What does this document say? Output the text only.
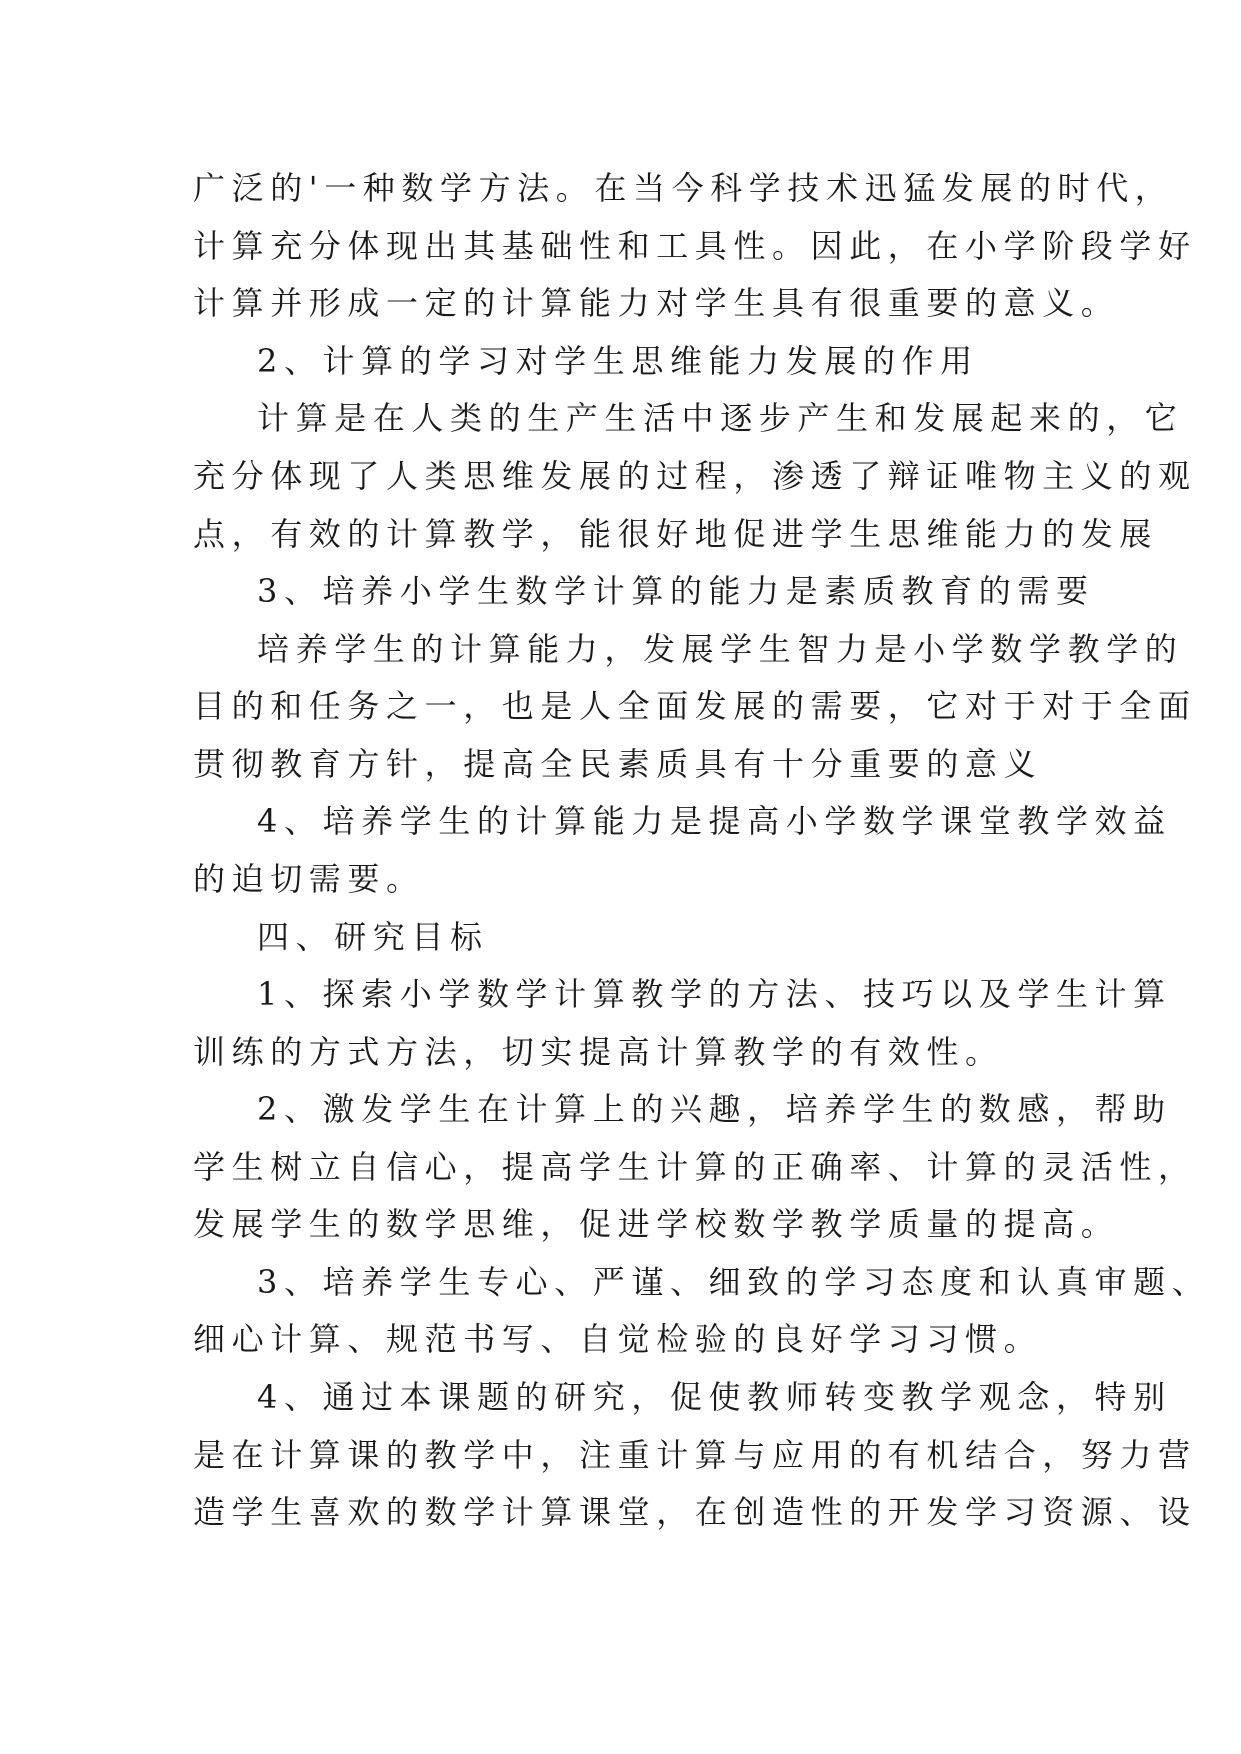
广泛的'一种数学方法。在当今科学技术迅猛发展的时代，
计算充分体现出其基础性和工具性。因此，在小学阶段学好
计算并形成一定的计算能力对学生具有很重要的意义。
2、计算的学习对学生思维能力发展的作用
计算是在人类的生产生活中逐步产生和发展起来的，它
充分体现了人类思维发展的过程，渗透了辩证唯物主义的观
点，有效的计算教学，能很好地促进学生思维能力的发展
3、培养小学生数学计算的能力是素质教育的需要
培养学生的计算能力，发展学生智力是小学数学教学的
目的和任务之一，也是人全面发展的需要，它对于对于全面
贯彻教育方针，提高全民素质具有十分重要的意义
4、培养学生的计算能力是提高小学数学课堂教学效益
的迫切需要。
四、研究目标
1、探索小学数学计算教学的方法、技巧以及学生计算
训练的方式方法，切实提高计算教学的有效性。
2、激发学生在计算上的兴趣，培养学生的数感，帮助
学生树立自信心，提高学生计算的正确率、计算的灵活性，
发展学生的数学思维，促进学校数学教学质量的提高。
3、培养学生专心、严谨、细致的学习态度和认真审题、
细心计算、规范书写、自觉检验的良好学习习惯。
4、通过本课题的研究，促使教师转变教学观念，特别
是在计算课的教学中，注重计算与应用的有机结合，努力营
造学生喜欢的数学计算课堂，在创造性的开发学习资源、设
